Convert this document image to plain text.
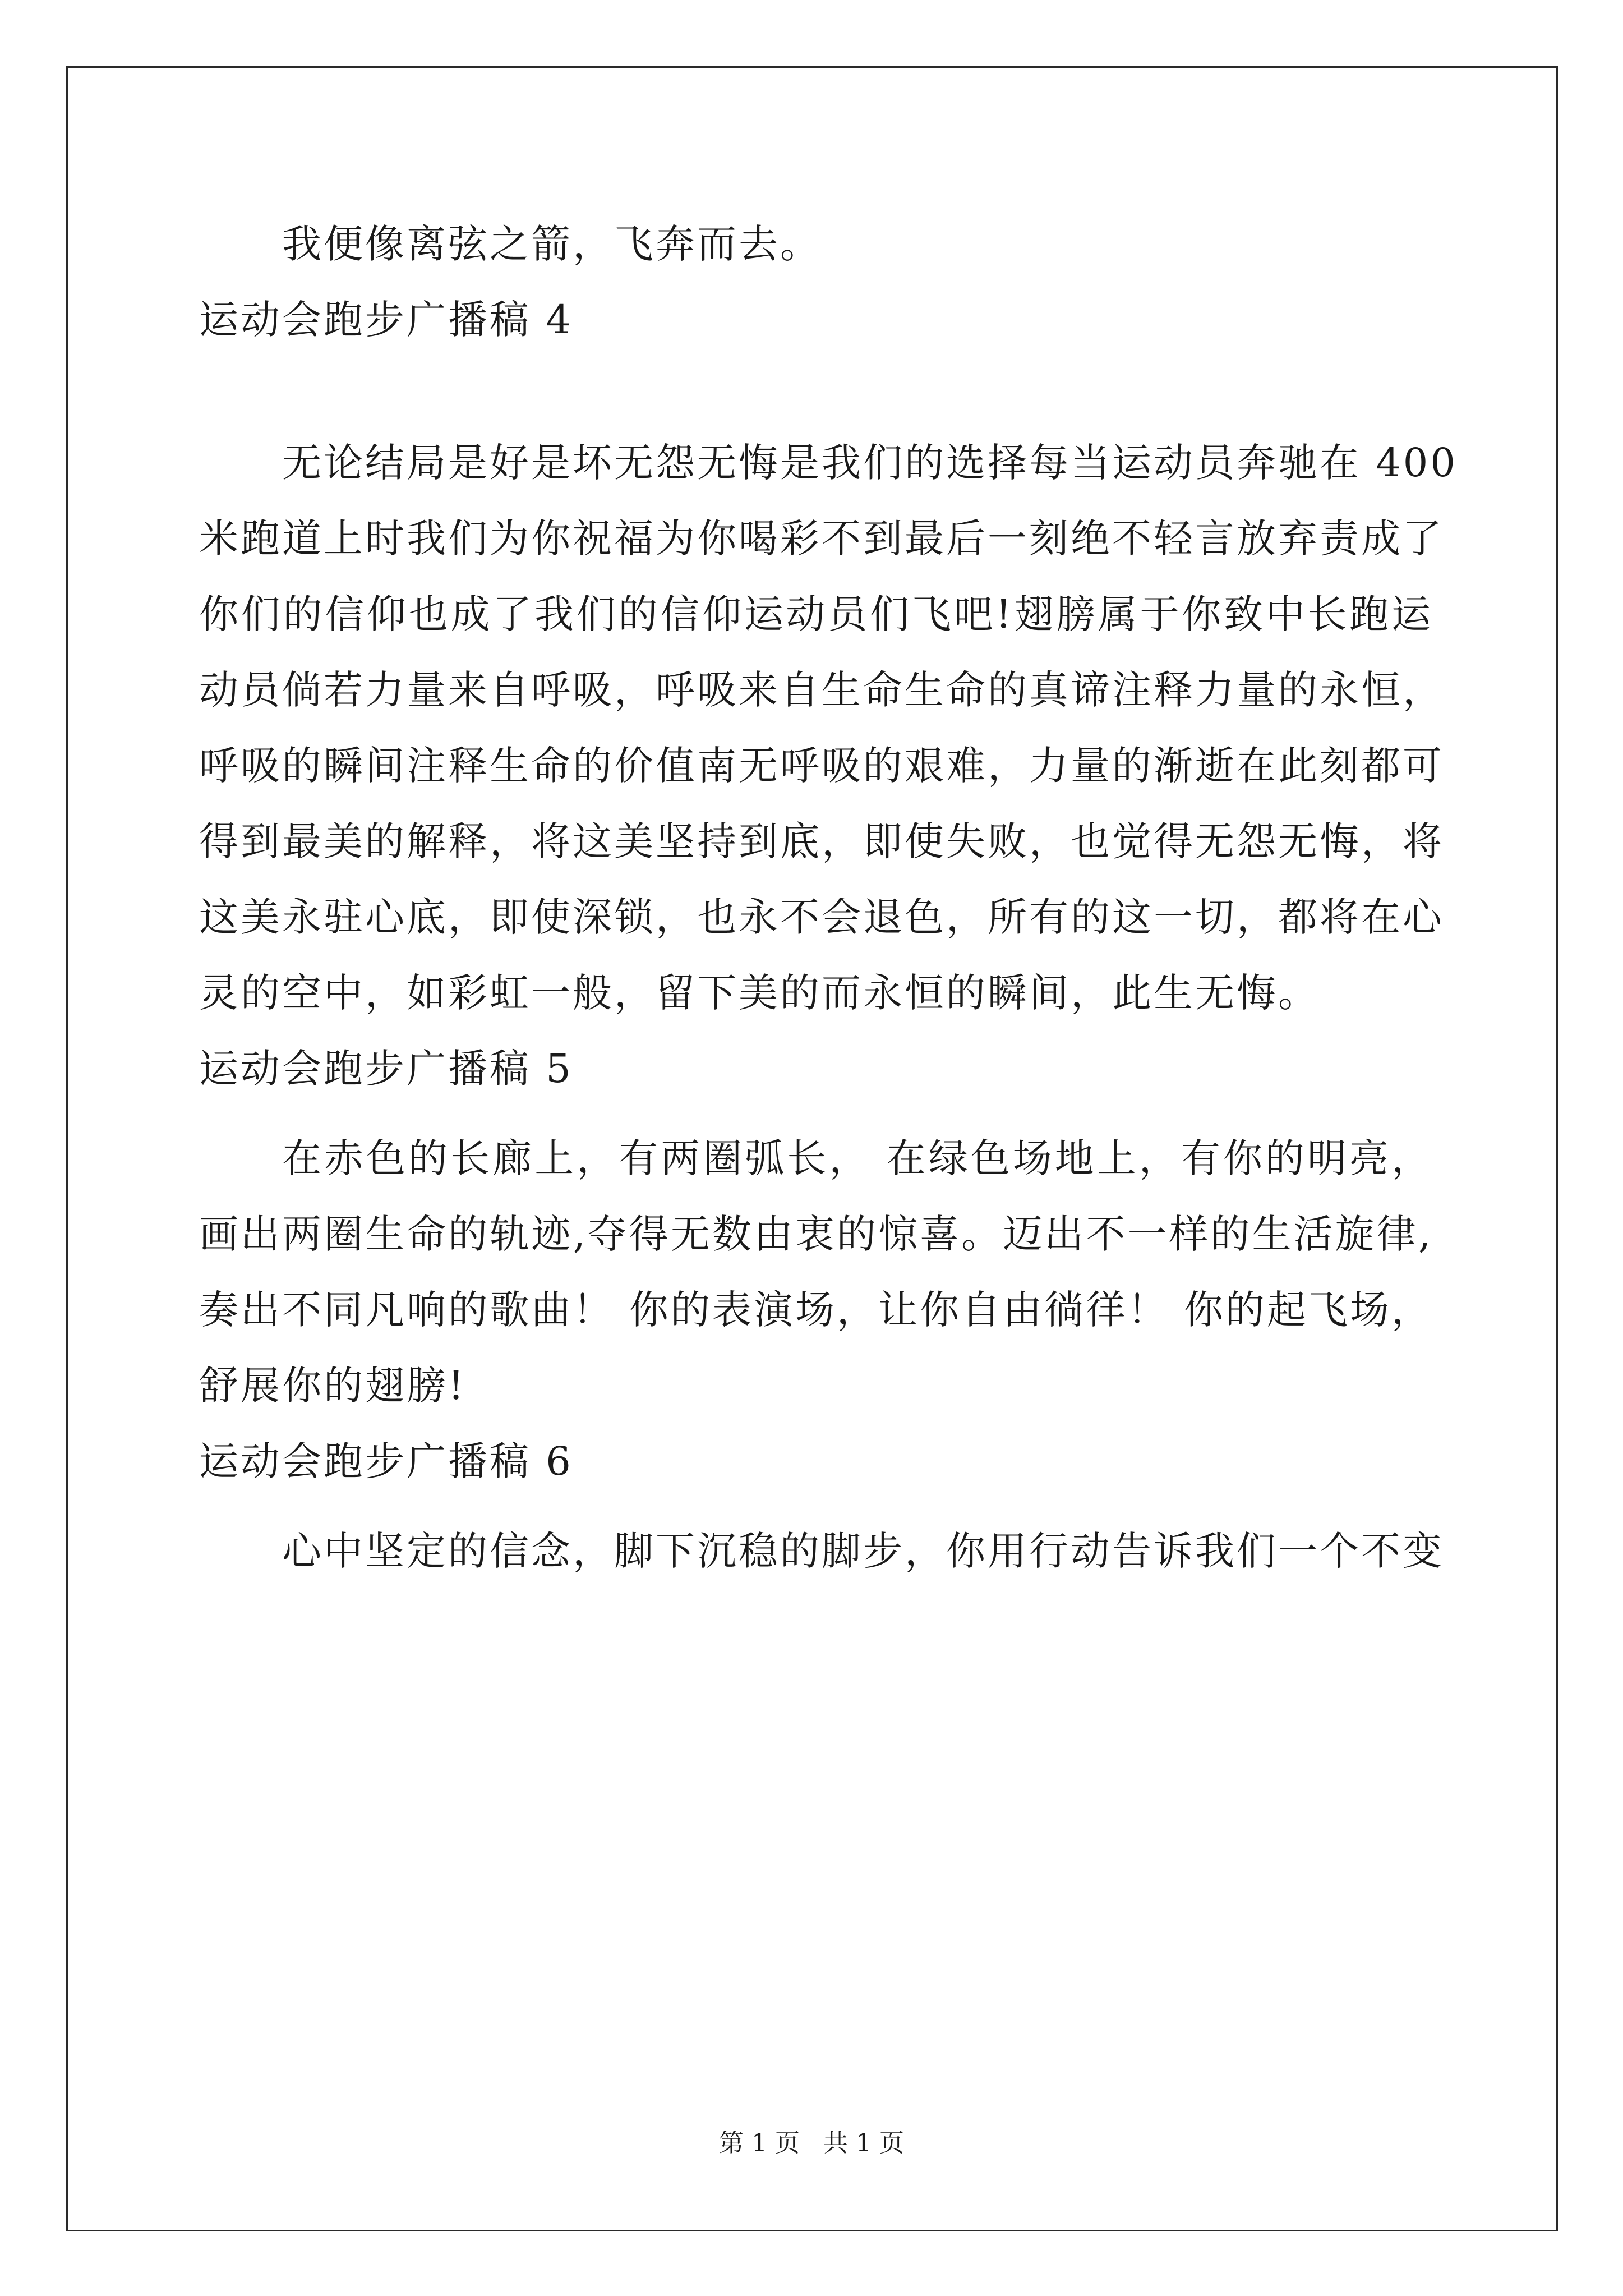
我便像离弦之箭，飞奔而去。
运动会跑步广播稿 4
无论结局是好是坏无怨无悔是我们的选择每当运动员奔驰在 400
米跑道上时我们为你祝福为你喝彩不到最后一刻绝不轻言放弃责成了
你们的信仰也成了我们的信仰运动员们飞吧!翅膀属于你致中长跑运
动员倘若力量来自呼吸，呼吸来自生命生命的真谛注释力量的永恒，
呼吸的瞬间注释生命的价值南无呼吸的艰难，力量的渐逝在此刻都可
得到最美的解释，将这美坚持到底，即使失败，也觉得无怨无悔，将
这美永驻心底，即使深锁，也永不会退色，所有的这一切，都将在心
灵的空中，如彩虹一般，留下美的而永恒的瞬间，此生无悔。
运动会跑步广播稿 5
在赤色的长廊上，有两圈弧长， 在绿色场地上，有你的明亮，
画出两圈生命的轨迹,夺得无数由衷的惊喜。迈出不一样的生活旋律,
奏出不同凡响的歌曲！ 你的表演场，让你自由徜徉！ 你的起飞场，
舒展你的翅膀!
运动会跑步广播稿 6
心中坚定的信念，脚下沉稳的脚步，你用行动告诉我们一个不变
第 1 页   共 1 页
